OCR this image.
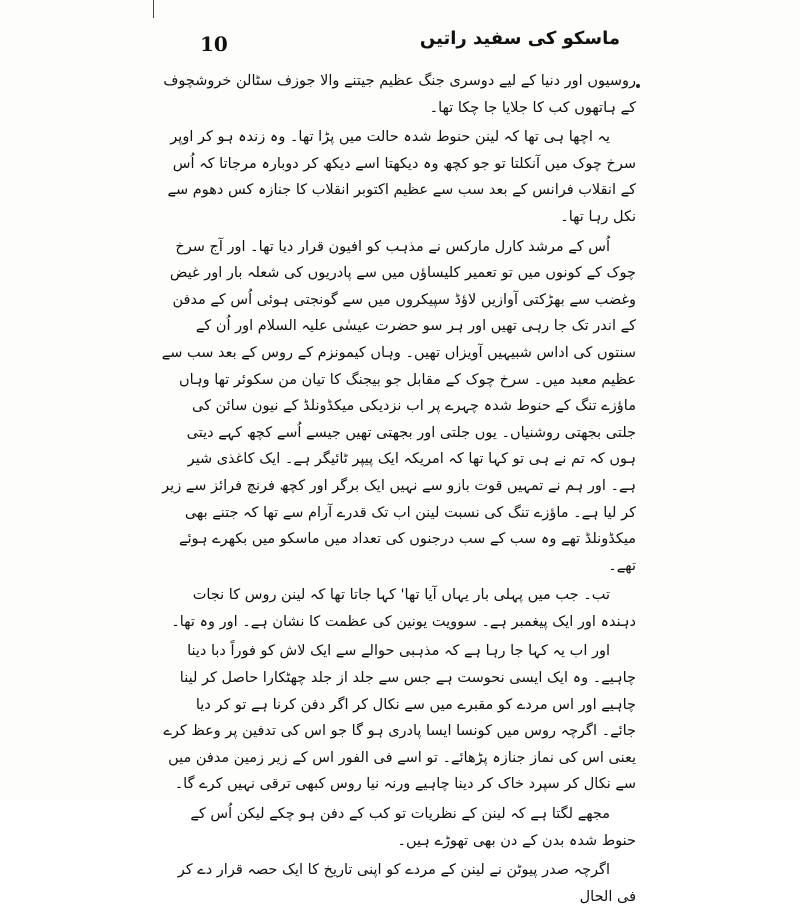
10	ماسکو کی سفید راتیں

روسیوں اور دنیا کے لیے دوسری جنگ عظیم جیتنے والا جوزف سٹالن خروشچوف کے ہاتھوں کب کا جلایا جا چکا تھا۔

یہ اچھا ہی تھا کہ لینن حنوط شدہ حالت میں پڑا تھا۔ وہ زندہ ہو کر اوپر سرخ چوک میں آنکلتا تو جو کچھ وہ دیکھتا اسے دیکھ کر دوبارہ مرجاتا کہ اُس کے انقلاب فرانس کے بعد سب سے عظیم اکتوبر انقلاب کا جنازہ کس دھوم سے نکل رہا تھا۔

اُس کے مرشد کارل مارکس نے مذہب کو افیون قرار دیا تھا۔ اور آج سرخ چوک کے کونوں میں تو تعمیر کلیساؤں میں سے پادریوں کی شعلہ بار اور غیض وغضب سے بھڑکتی آوازیں لاؤڈ سپیکروں میں سے گونجتی ہوئی اُس کے مدفن کے اندر تک جا رہی تھیں اور ہر سو حضرت عیسٰی علیہ السلام اور اُن کے سنتوں کی اداس شبیہیں آویزاں تھیں۔ وہاں کیمونزم کے روس کے بعد سب سے عظیم معبد میں۔ سرخ چوک کے مقابل جو بیجنگ کا تیان من سکوئر تھا وہاں ماؤزے تنگ کے حنوط شدہ چہرے پر اب نزدیکی میکڈونلڈ کے نیون سائن کی جلتی بجھتی روشنیاں۔ یوں جلتی اور بجھتی تھیں جیسے اُسے کچھ کہے دیتی ہوں کہ تم نے ہی تو کہا تھا کہ امریکہ ایک پیپر ٹائیگر ہے۔ ایک کاغذی شیر ہے۔ اور ہم نے تمہیں قوت بازو سے نہیں ایک برگر اور کچھ فرنچ فرائز سے زیر کر لیا ہے۔ ماؤزے تنگ کی نسبت لینن اب تک قدرے آرام سے تھا کہ جتنے بھی میکڈونلڈ تھے وہ سب کے سب درجنوں کی تعداد میں ماسکو میں بکھرے ہوئے تھے۔

تب۔ جب میں پہلی بار یہاں آیا تھا' کہا جاتا تھا کہ لینن روس کا نجات دہندہ اور ایک پیغمبر ہے۔ سوویت یونین کی عظمت کا نشان ہے۔ اور وہ تھا۔

اور اب یہ کہا جا رہا ہے کہ مذہبی حوالے سے ایک لاش کو فوراً دبا دینا چاہیے۔ وہ ایک ایسی نحوست ہے جس سے جلد از جلد چھٹکارا حاصل کر لینا چاہیے اور اس مردے کو مقبرے میں سے نکال کر اگر دفن کرنا ہے تو کر دیا جائے۔ اگرچہ روس میں کونسا ایسا پادری ہو گا جو اس کی تدفین پر وعظ کرے یعنی اس کی نماز جنازہ پڑھائے۔ تو اسے فی الفور اس کے زیر زمین مدفن میں سے نکال کر سپرد خاک کر دینا چاہیے ورنہ نیا روس کبھی ترقی نہیں کرے گا۔

مجھے لگتا ہے کہ لینن کے نظریات تو کب کے دفن ہو چکے لیکن اُس کے حنوط شدہ بدن کے دن بھی تھوڑے ہیں۔

اگرچہ صدر پیوٹن نے لینن کے مردے کو اپنی تاریخ کا ایک حصہ قرار دے کر فی الحال
